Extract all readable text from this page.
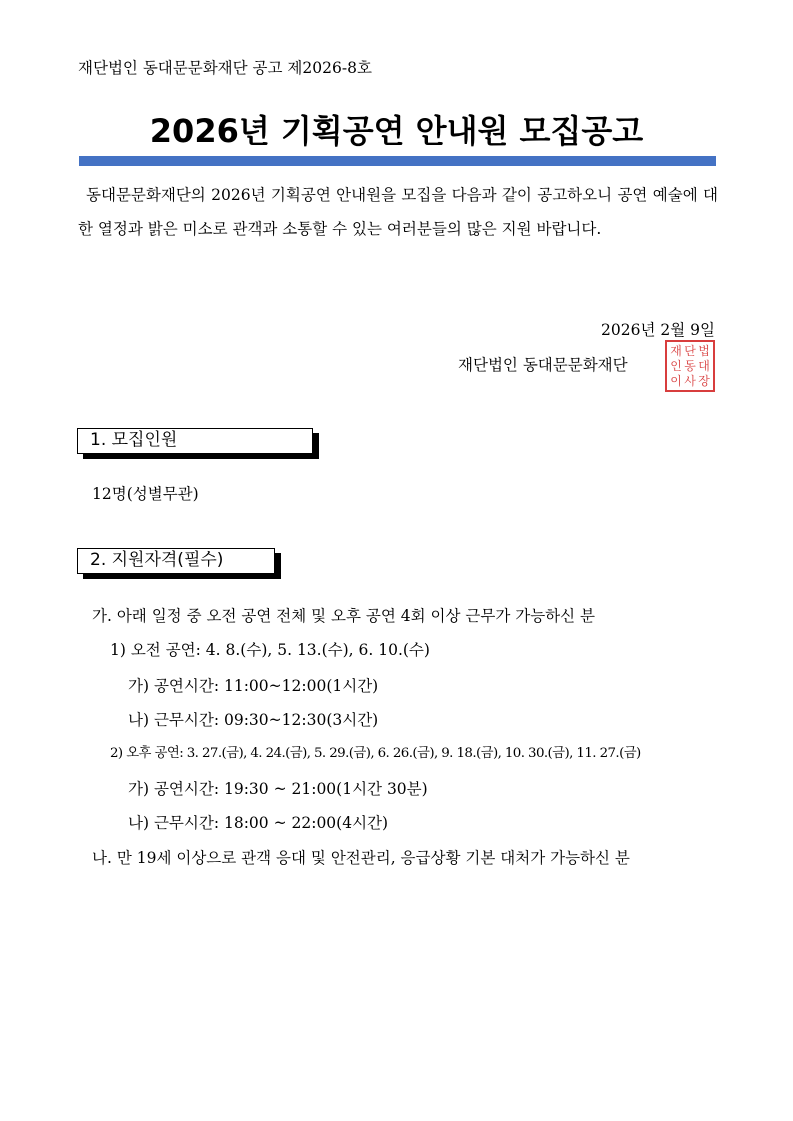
재단법인 동대문문화재단 공고 제2026-8호
2026년 기획공연 안내원 모집공고
동대문문화재단의 2026년 기획공연 안내원을 모집을 다음과 같이 공고하오니 공연 예술에 대한 열정과 밝은 미소로 관객과 소통할 수 있는 여러분들의 많은 지원 바랍니다.
2026년 2월 9일
재단법인 동대문문화재단
재 단 법
인 동 대
이 사 장
1. 모집인원
12명(성별무관)
2. 지원자격(필수)
가. 아래 일정 중 오전 공연 전체 및 오후 공연 4회 이상 근무가 가능하신 분
1) 오전 공연: 4. 8.(수), 5. 13.(수), 6. 10.(수)
가) 공연시간: 11:00~12:00(1시간)
나) 근무시간: 09:30~12:30(3시간)
2) 오후 공연: 3. 27.(금), 4. 24.(금), 5. 29.(금), 6. 26.(금), 9. 18.(금), 10. 30.(금), 11. 27.(금)
가) 공연시간: 19:30 ~ 21:00(1시간 30분)
나) 근무시간: 18:00 ~ 22:00(4시간)
나. 만 19세 이상으로 관객 응대 및 안전관리, 응급상황 기본 대처가 가능하신 분
